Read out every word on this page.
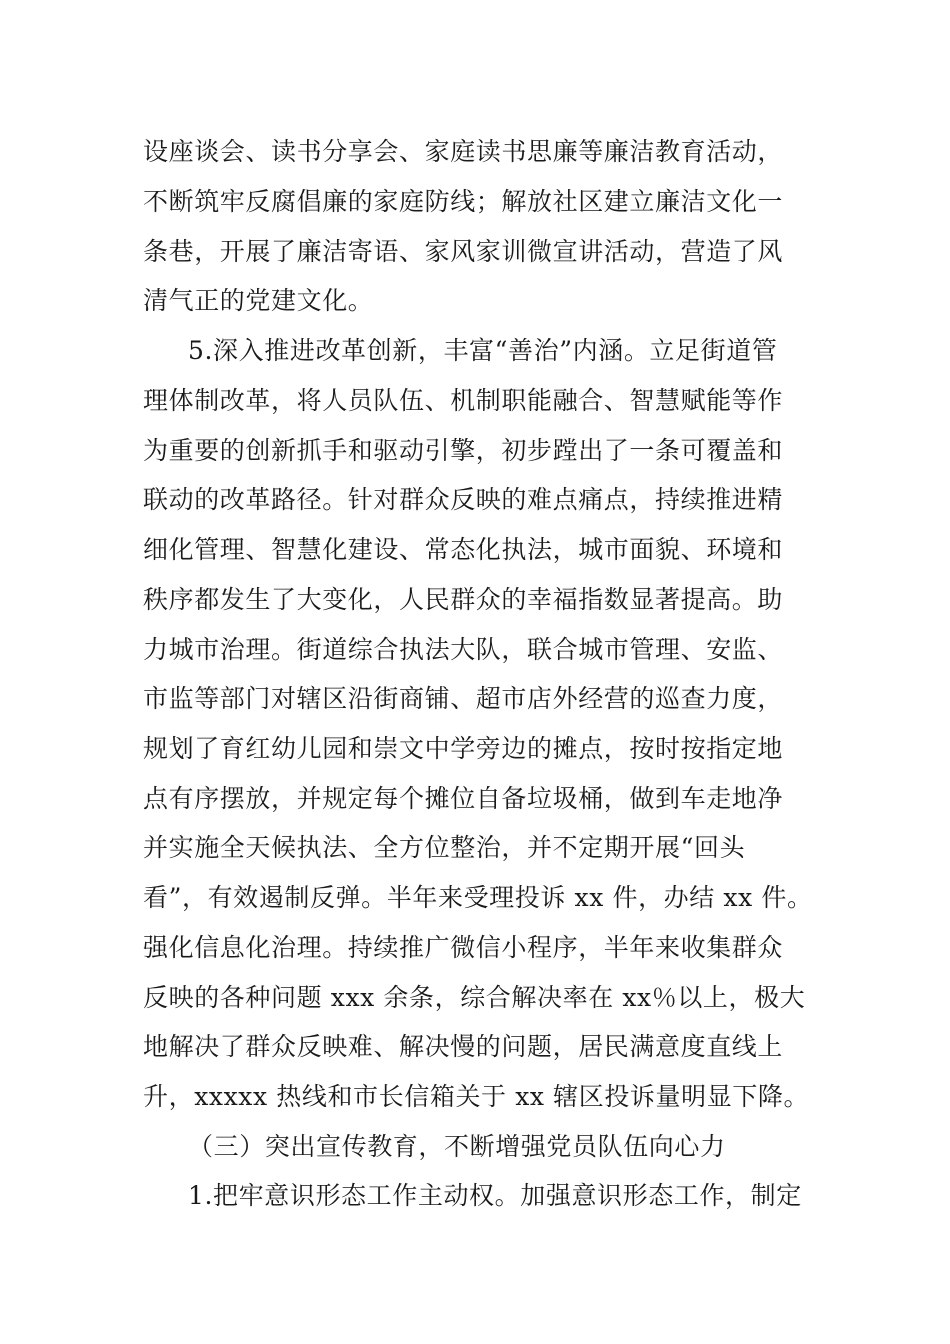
设座谈会、读书分享会、家庭读书思廉等廉洁教育活动，
不断筑牢反腐倡廉的家庭防线；解放社区建立廉洁文化一
条巷，开展了廉洁寄语、家风家训微宣讲活动，营造了风
清气正的党建文化。
5.深入推进改革创新，丰富“善治”内涵。立足街道管
理体制改革，将人员队伍、机制职能融合、智慧赋能等作
为重要的创新抓手和驱动引擎，初步蹚出了一条可覆盖和
联动的改革路径。针对群众反映的难点痛点，持续推进精
细化管理、智慧化建设、常态化执法，城市面貌、环境和
秩序都发生了大变化，人民群众的幸福指数显著提高。助
力城市治理。街道综合执法大队，联合城市管理、安监、
市监等部门对辖区沿街商铺、超市店外经营的巡查力度，
规划了育红幼儿园和崇文中学旁边的摊点，按时按指定地
点有序摆放，并规定每个摊位自备垃圾桶，做到车走地净
并实施全天候执法、全方位整治，并不定期开展“回头
看”，有效遏制反弹。半年来受理投诉 xx 件，办结 xx 件。
强化信息化治理。持续推广微信小程序，半年来收集群众
反映的各种问题 xxx 余条，综合解决率在 xx％以上，极大
地解决了群众反映难、解决慢的问题，居民满意度直线上
升，xxxxx 热线和市长信箱关于 xx 辖区投诉量明显下降。
（三）突出宣传教育，不断增强党员队伍向心力
1.把牢意识形态工作主动权。加强意识形态工作，制定
